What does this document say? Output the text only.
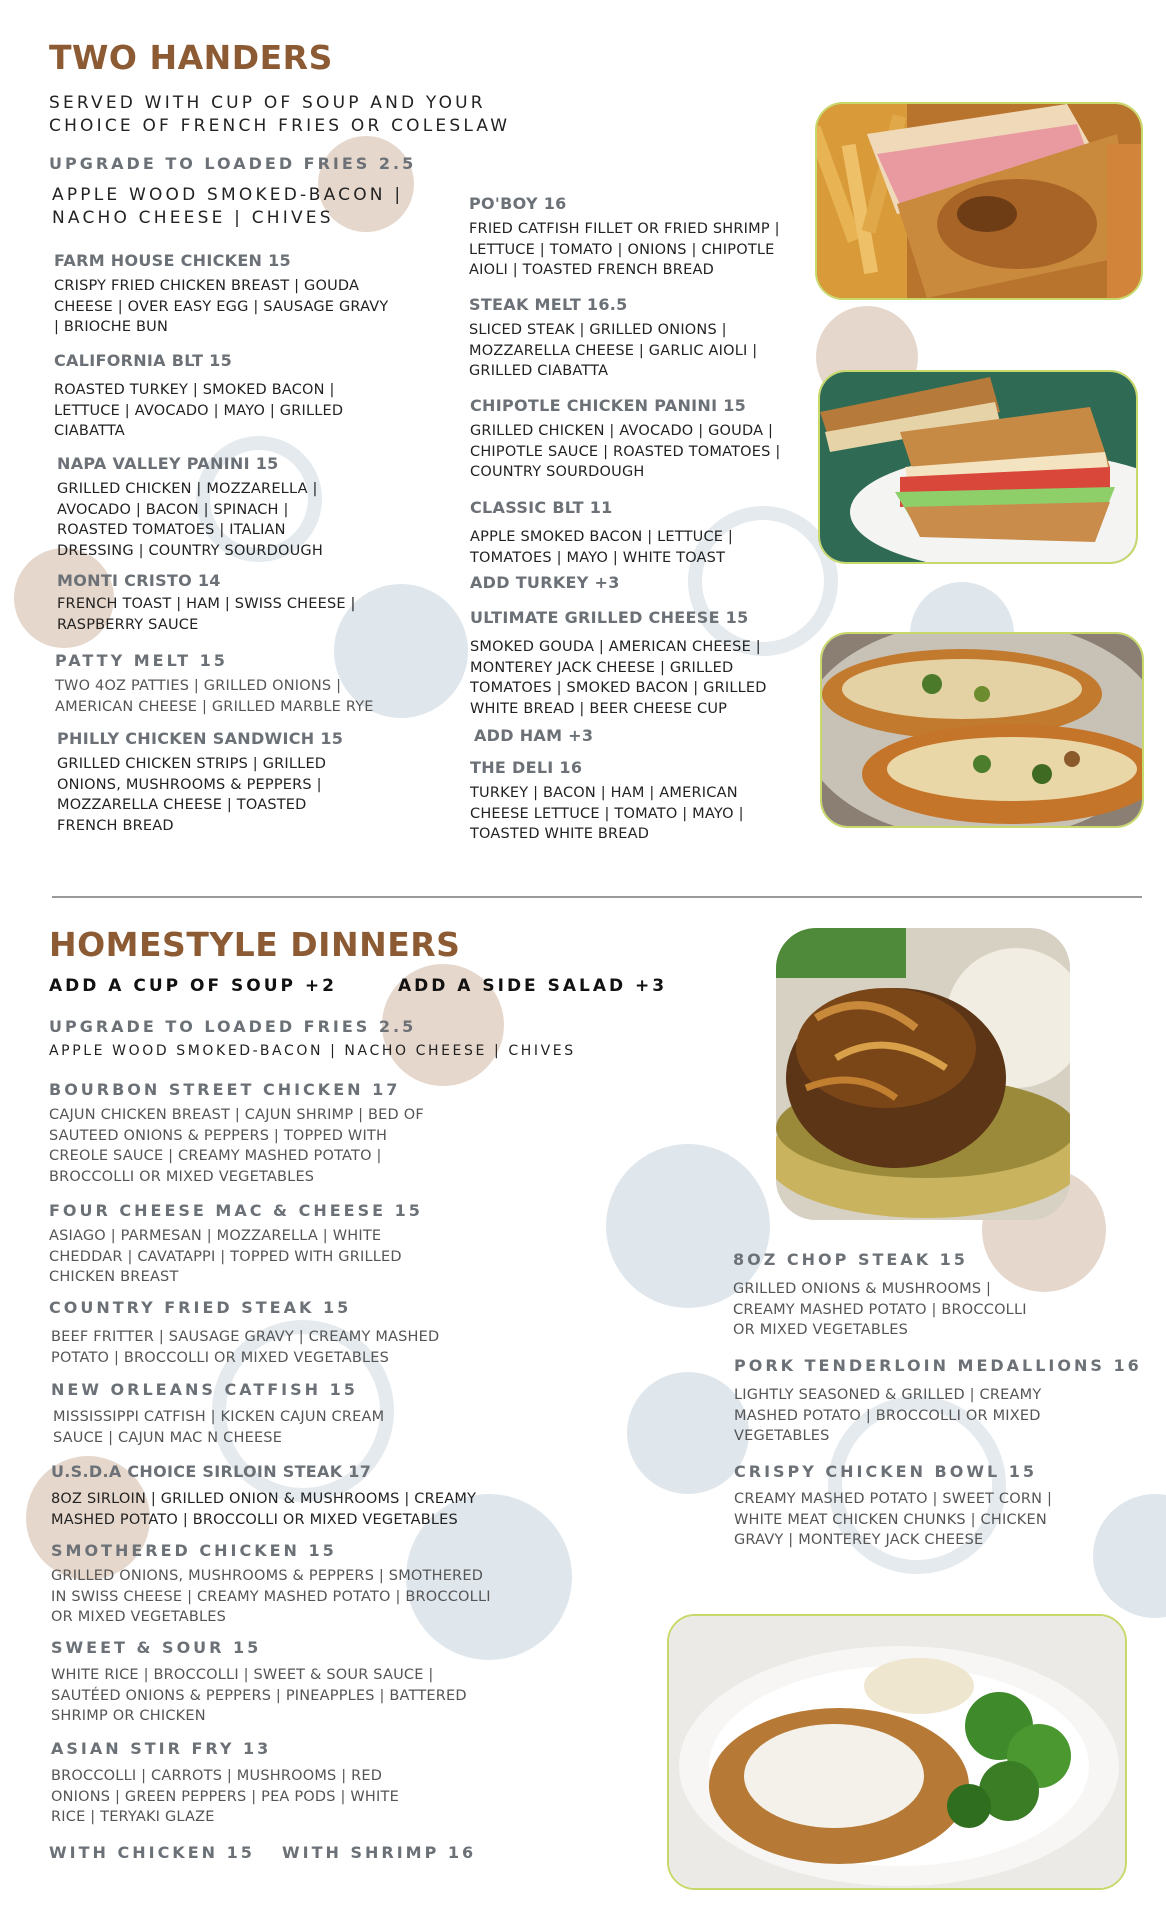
TWO HANDERS
SERVED WITH CUP OF SOUP AND YOUR
CHOICE OF FRENCH FRIES OR COLESLAW
UPGRADE TO LOADED FRIES 2.5
APPLE WOOD SMOKED-BACON |
NACHO CHEESE | CHIVES
FARM HOUSE CHICKEN 15
CRISPY FRIED CHICKEN BREAST | GOUDA CHEESE | OVER EASY EGG | SAUSAGE GRAVY | BRIOCHE BUN
CALIFORNIA BLT 15
ROASTED TURKEY | SMOKED BACON | LETTUCE | AVOCADO | MAYO | GRILLED CIABATTA
NAPA VALLEY PANINI 15
GRILLED CHICKEN | MOZZARELLA | AVOCADO | BACON | SPINACH | ROASTED TOMATOES | ITALIAN DRESSING | COUNTRY SOURDOUGH
MONTI CRISTO 14
FRENCH TOAST | HAM | SWISS CHEESE | RASPBERRY SAUCE
PATTY MELT 15
TWO 4OZ PATTIES | GRILLED ONIONS | AMERICAN CHEESE | GRILLED MARBLE RYE
PHILLY CHICKEN SANDWICH 15
GRILLED CHICKEN STRIPS | GRILLED ONIONS, MUSHROOMS & PEPPERS | MOZZARELLA CHEESE | TOASTED FRENCH BREAD
PO'BOY 16
FRIED CATFISH FILLET OR FRIED SHRIMP | LETTUCE | TOMATO | ONIONS | CHIPOTLE AIOLI | TOASTED FRENCH BREAD
STEAK MELT 16.5
SLICED STEAK | GRILLED ONIONS | MOZZARELLA CHEESE | GARLIC AIOLI | GRILLED CIABATTA
CHIPOTLE CHICKEN PANINI 15
GRILLED CHICKEN | AVOCADO | GOUDA | CHIPOTLE SAUCE | ROASTED TOMATOES | COUNTRY SOURDOUGH
CLASSIC BLT 11
APPLE SMOKED BACON | LETTUCE | TOMATOES | MAYO | WHITE TOAST
ADD TURKEY +3
ULTIMATE GRILLED CHEESE 15
SMOKED GOUDA | AMERICAN CHEESE | MONTEREY JACK CHEESE | GRILLED TOMATOES | SMOKED BACON | GRILLED WHITE BREAD | BEER CHEESE CUP
ADD HAM +3
THE DELI 16
TURKEY | BACON | HAM | AMERICAN CHEESE LETTUCE | TOMATO | MAYO | TOASTED WHITE BREAD
HOMESTYLE DINNERS
ADD A CUP OF SOUP +2	ADD A SIDE SALAD +3
UPGRADE TO LOADED FRIES 2.5
APPLE WOOD SMOKED-BACON | NACHO CHEESE | CHIVES
BOURBON STREET CHICKEN 17
CAJUN CHICKEN BREAST | CAJUN SHRIMP | BED OF SAUTEED ONIONS & PEPPERS | TOPPED WITH CREOLE SAUCE | CREAMY MASHED POTATO | BROCCOLLI OR MIXED VEGETABLES
FOUR CHEESE MAC & CHEESE 15
ASIAGO | PARMESAN | MOZZARELLA | WHITE CHEDDAR | CAVATAPPI | TOPPED WITH GRILLED CHICKEN BREAST
COUNTRY FRIED STEAK 15
BEEF FRITTER | SAUSAGE GRAVY | CREAMY MASHED POTATO | BROCCOLLI OR MIXED VEGETABLES
NEW ORLEANS CATFISH 15
MISSISSIPPI CATFISH | KICKEN CAJUN CREAM SAUCE | CAJUN MAC N CHEESE
U.S.D.A CHOICE SIRLOIN STEAK 17
8OZ SIRLOIN | GRILLED ONION & MUSHROOMS | CREAMY MASHED POTATO | BROCCOLLI OR MIXED VEGETABLES
SMOTHERED CHICKEN 15
GRILLED ONIONS, MUSHROOMS & PEPPERS | SMOTHERED IN SWISS CHEESE | CREAMY MASHED POTATO | BROCCOLLI OR MIXED VEGETABLES
SWEET & SOUR 15
WHITE RICE | BROCCOLLI | SWEET & SOUR SAUCE | SAUTÉED ONIONS & PEPPERS | PINEAPPLES | BATTERED SHRIMP OR CHICKEN
ASIAN STIR FRY 13
BROCCOLLI | CARROTS | MUSHROOMS | RED ONIONS | GREEN PEPPERS | PEA PODS | WHITE RICE | TERYAKI GLAZE
WITH CHICKEN 15 WITH SHRIMP 16
8OZ CHOP STEAK 15
GRILLED ONIONS & MUSHROOMS | CREAMY MASHED POTATO | BROCCOLLI OR MIXED VEGETABLES
PORK TENDERLOIN MEDALLIONS 16
LIGHTLY SEASONED & GRILLED | CREAMY MASHED POTATO | BROCCOLLI OR MIXED VEGETABLES
CRISPY CHICKEN BOWL 15
CREAMY MASHED POTATO | SWEET CORN | WHITE MEAT CHICKEN CHUNKS | CHICKEN GRAVY | MONTEREY JACK CHEESE
